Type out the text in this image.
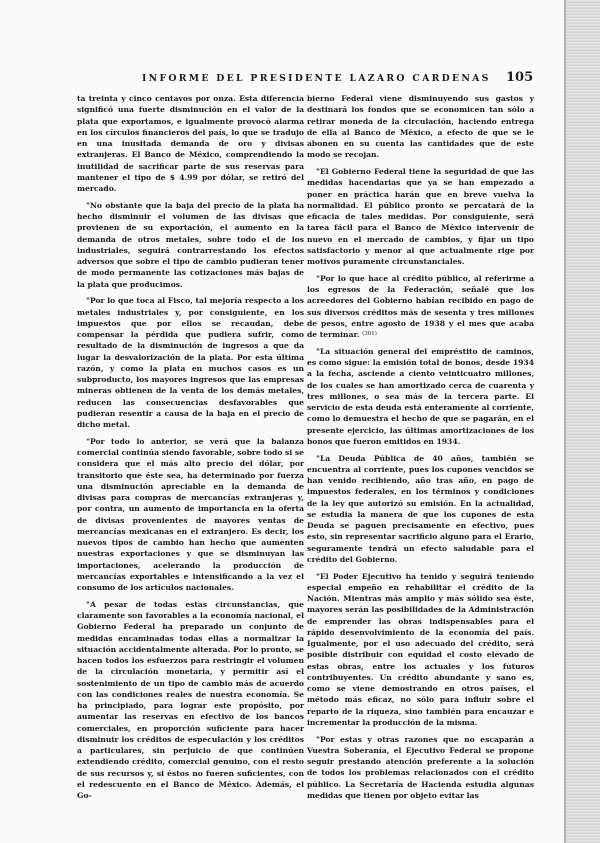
INFORME DEL PRESIDENTE LAZARO CARDENAS	105

ta treinta y cinco centavos por onza. Esta diferencia significó una fuerte disminución en el valor de la plata que exportamos, e igualmente provocó alarma en los círculos financieros del país, lo que se tradujo en una inusitada demanda de oro y divisas extranjeras. El Banco de México, comprendiendo la inutilidad de sacrificar parte de sus reservas para mantener el tipo de $ 4.99 por dólar, se retiró del mercado.

"No obstante que la baja del precio de la plata ha hecho disminuir el volumen de las divisas que provienen de su exportación, el aumento en la demanda de otros metales, sobre todo el de los industriales, seguirá contrarrestando los efectos adversos que sobre el tipo de cambio pudieran tener de modo permanente las cotizaciones más bajas de la plata que producimos.

"Por lo que toca al Fisco, tal mejoría respecto a los metales industriales y, por consiguiente, en los impuestos que por ellos se recaudan, debe compensar la pérdida que pudiera sufrir, como resultado de la disminución de ingresos a que da lugar la desvalorización de la plata. Por esta última razón, y como la plata en muchos casos es un subproducto, los mayores ingresos que las empresas mineras obtienen de la venta de los demás metales, reducen las consecuencias desfavorables que pudieran resentir a causa de la baja en el precio de dicho metal.

"Por todo lo anterior, se verá que la balanza comercial continúa siendo favorable, sobre todo si se considera que el más alto precio del dólar, por transitorio que éste sea, ha determinado por fuerza una disminución apreciable en la demanda de divisas para compras de mercancías extranjeras y, por contra, un aumento de importancia en la oferta de divisas provenientes de mayores ventas de mercancías mexicanas en el extranjero. Es decir, los nuevos tipos de cambio han hecho que aumenten nuestras exportaciones y que se disminuyan las importaciones, acelerando la producción de mercancías exportables e intensificando a la vez el consumo de los artículos nacionales.

"A pesar de todas estas circunstancias, que claramente son favorables a la economía nacional, el Gobierno Federal ha preparado un conjunto de medidas encaminadas todas ellas a normalizar la situación accidentalmente alterada. Por lo pronto, se hacen todos los esfuerzos para restringir el volumen de la circulación monetaria, y permitir así el sostenimiento de un tipo de cambio más de acuerdo con las condiciones reales de nuestra economía. Se ha principiado, para lograr este propósito, por aumentar las reservas en efectivo de los bancos comerciales, en proporción suficiente para hacer disminuir los créditos de especulación y los créditos a particulares, sin perjuicio de que continúen extendiendo crédito, comercial genuino, con el resto de sus recursos y, si éstos no fueren suficientes, con el redescuento en el Banco de México. Además, el Go-

bierno Federal viene disminuyendo sus gastos y destinará los fondos que se economicen tan sólo a retirar moneda de la circulación, haciendo entrega de ella al Banco de México, a efecto de que se le abonen en su cuenta las cantidades que de este modo se recojan.

"El Gobierno Federal tiene la seguridad de que las medidas hacendarias que ya se han empezado a poner en práctica harán que en breve vuelva la normalidad. El público pronto se percatará de la eficacia de tales medidas. Por consiguiente, será tarea fácil para el Banco de México intervenir de nuevo en el mercado de cambios, y fijar un tipo satisfactorio y menor al que actualmente rige por motivos puramente circunstanciales.

"Por lo que hace al crédito público, al referirme a los egresos de la Federación, señalé que los acreedores del Gobierno habían recibido en pago de sus diversos créditos más de sesenta y tres millones de pesos, entre agosto de 1938 y el mes que acaba de terminar. $^{(301)}$

"La situación general del empréstito de caminos, es como sigue: la emisión total de bonos, desde 1934 a la fecha, asciende a ciento veinticuatro millones, de los cuales se han amortizado cerca de cuarenta y tres millones, o sea más de la tercera parte. El servicio de esta deuda está enteramente al corriente, como lo demuestra el hecho de que se pagarán, en el presente ejercicio, las últimas amortizaciones de los bonos que fueron emitidos en 1934.

"La Deuda Pública de 40 años, también se encuentra al corriente, pues los cupones vencidos se han venido recibiendo, año tras año, en pago de impuestos federales, en los términos y condiciones de la ley que autorizó su emisión. En la actualidad, se estudia la manera de que los cupones de esta Deuda se paguen precisamente en efectivo, pues esto, sin representar sacrificio alguno para el Erario, seguramente tendrá un efecto saludable para el crédito del Gobierno.

"El Poder Ejecutivo ha tenido y seguirá teniendo especial empeño en rehabilitar el crédito de la Nación. Mientras más amplio y más sólido sea éste, mayores serán las posibilidades de la Administración de emprender las obras indispensables para el rápido desenvolvimiento de la economía del país. Igualmente, por el uso adecuado del crédito, será posible distribuir con equidad el costo elevado de estas obras, entre los actuales y los futuros contribuyentes. Un crédito abundante y sano es, como se viene demostrando en otros países, el método más eficaz, no sólo para influir sobre el reparto de la riqueza, sino también para encauzar e incrementar la producción de la misma.

"Por estas y otras razones que no escaparán a Vuestra Soberanía, el Ejecutivo Federal se propone seguir prestando atención preferente a la solución de todos los problemas relacionados con el crédito público. La Secretaría de Hacienda estudia algunas medidas que tienen por objeto evitar las
